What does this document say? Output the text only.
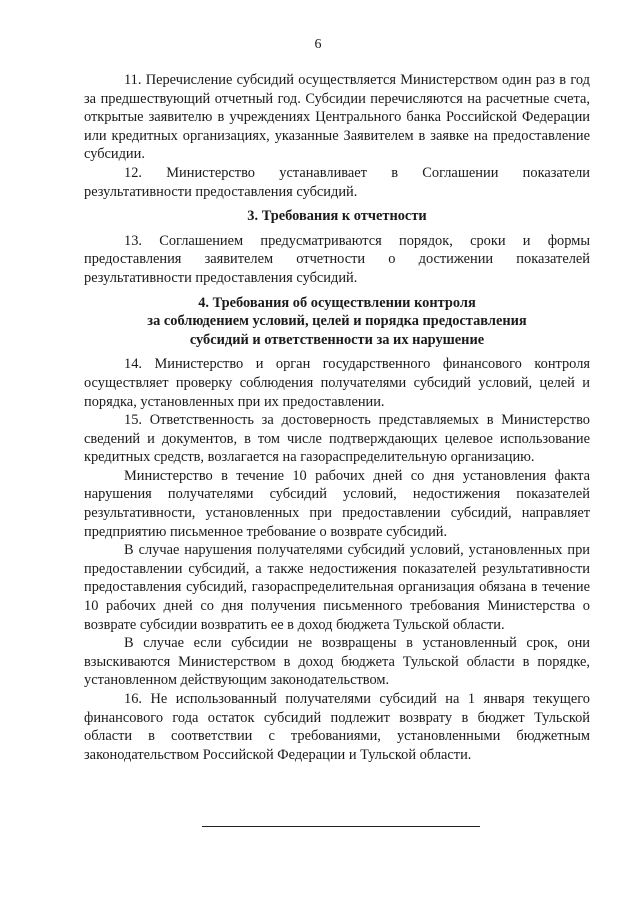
6

11. Перечисление субсидий осуществляется Министерством один раз в год за предшествующий отчетный год. Субсидии перечисляются на расчетные счета, открытые заявителю в учреждениях Центрального банка Российской Федерации или кредитных организациях, указанные Заявителем в заявке на предоставление субсидии.

12. Министерство устанавливает в Соглашении показатели результативности предоставления субсидий.

3. Требования к отчетности

13. Соглашением предусматриваются порядок, сроки и формы предоставления заявителем отчетности о достижении показателей результативности предоставления субсидий.

4. Требования об осуществлении контроля
за соблюдением условий, целей и порядка предоставления
субсидий и ответственности за их нарушение

14. Министерство и орган государственного финансового контроля осуществляет проверку соблюдения получателями субсидий условий, целей и порядка, установленных при их предоставлении.

15. Ответственность за достоверность представляемых в Министерство сведений и документов, в том числе подтверждающих целевое использование кредитных средств, возлагается на газораспределительную организацию.

Министерство в течение 10 рабочих дней со дня установления факта нарушения получателями субсидий условий, недостижения показателей результативности, установленных при предоставлении субсидий, направляет предприятию письменное требование о возврате субсидий.

В случае нарушения получателями субсидий условий, установленных при предоставлении субсидий, а также недостижения показателей результативности предоставления субсидий, газораспределительная организация обязана в течение 10 рабочих дней со дня получения письменного требования Министерства о возврате субсидии возвратить ее в доход бюджета Тульской области.

В случае если субсидии не возвращены в установленный срок, они взыскиваются Министерством в доход бюджета Тульской области в порядке, установленном действующим законодательством.

16. Не использованный получателями субсидий на 1 января текущего финансового года остаток субсидий подлежит возврату в бюджет Тульской области в соответствии с требованиями, установленными бюджетным законодательством Российской Федерации и Тульской области.
